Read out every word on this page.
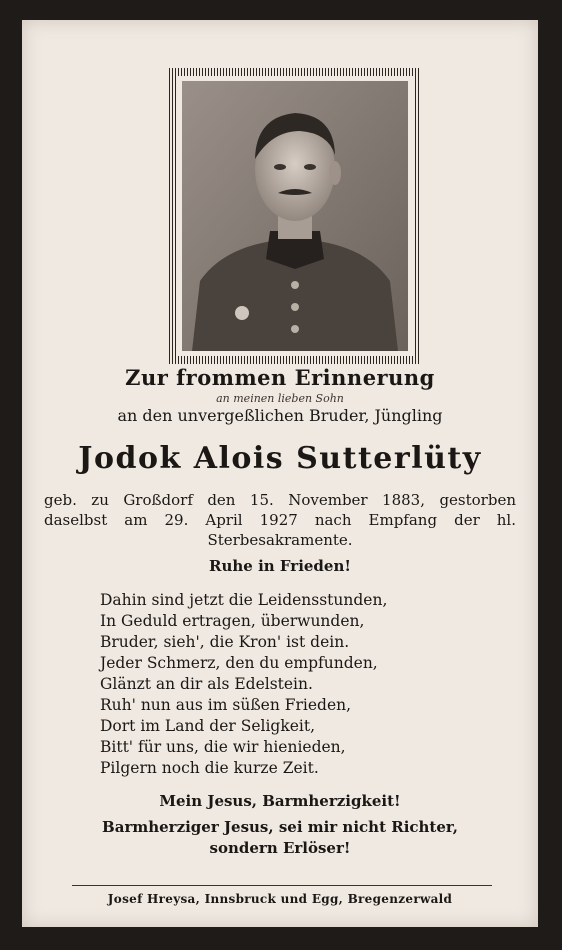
Zur frommen Erinnerung
an meinen lieben Sohn
an den unvergeßlichen Bruder, Jüngling
Jodok Alois Sutterlüty
geb. zu Großdorf den 15. November 1883, gestorben daselbst am 29. April 1927 nach Empfang der hl. Sterbesakramente.
Ruhe in Frieden!
Dahin sind jetzt die Leidensstunden,
In Geduld ertragen, überwunden,
Bruder, sieh', die Kron' ist dein.
Jeder Schmerz, den du empfunden,
Glänzt an dir als Edelstein.
Ruh' nun aus im süßen Frieden,
Dort im Land der Seligkeit,
Bitt' für uns, die wir hienieden,
Pilgern noch die kurze Zeit.
Mein Jesus, Barmherzigkeit!
Barmherziger Jesus, sei mir nicht Richter,
sondern Erlöser!
Josef Hreysa, Innsbruck und Egg, Bregenzerwald
